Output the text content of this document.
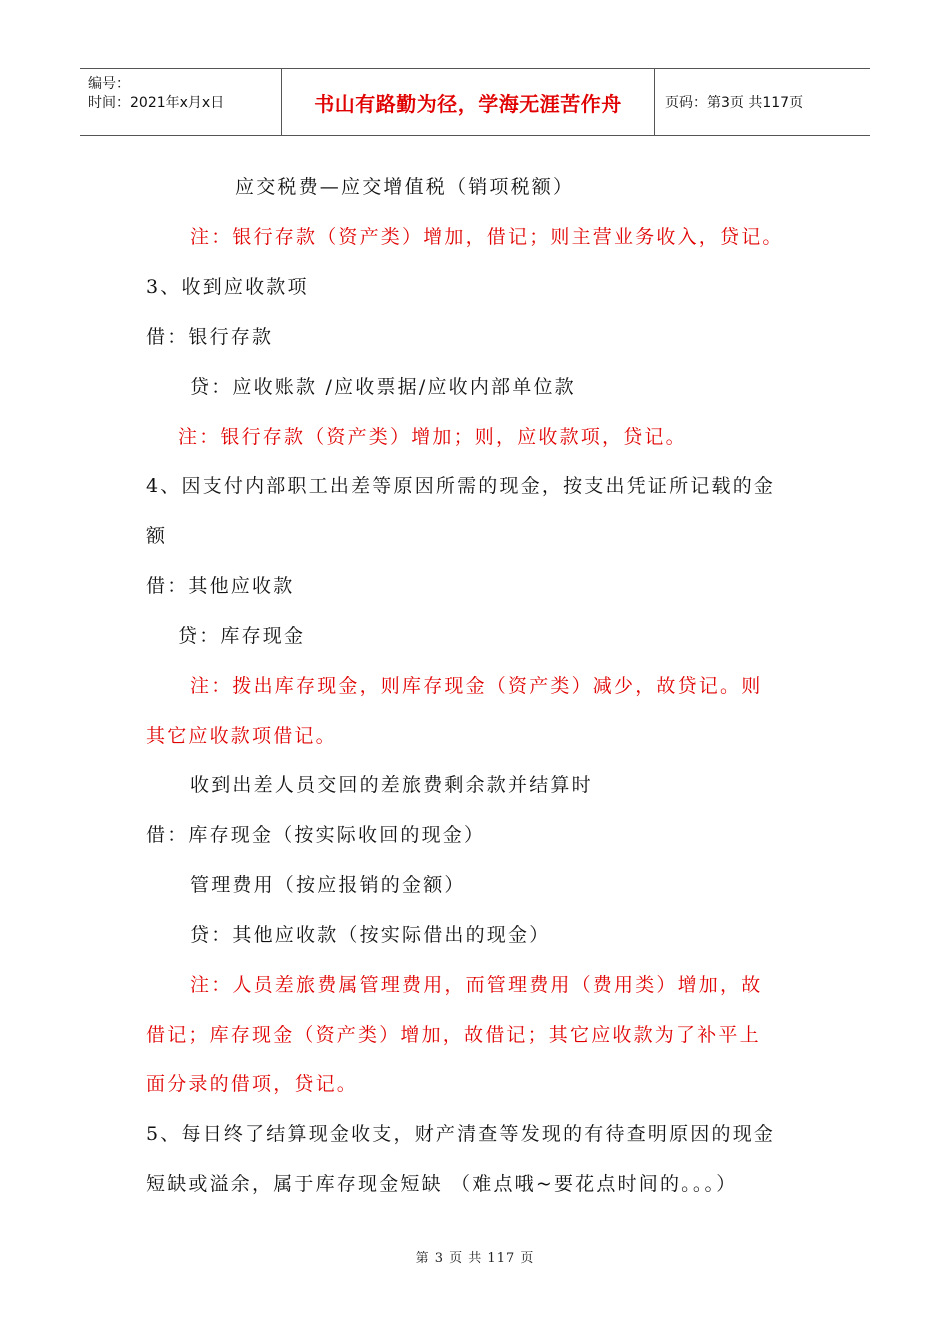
编号：
时间：2021年x月x日	书山有路勤为径，学海无涯苦作舟	页码：第3页 共117页
应交税费—应交增值税（销项税额）
注：银行存款（资产类）增加，借记；则主营业务收入，贷记。
3、收到应收款项
借：银行存款
贷：应收账款 /应收票据/应收内部单位款
注：银行存款（资产类）增加；则，应收款项，贷记。
4、因支付内部职工出差等原因所需的现金，按支出凭证所记载的金
额
借：其他应收款
贷：库存现金
注：拨出库存现金，则库存现金（资产类）减少，故贷记。则
其它应收款项借记。
收到出差人员交回的差旅费剩余款并结算时
借：库存现金（按实际收回的现金）
管理费用（按应报销的金额）
贷：其他应收款（按实际借出的现金）
注：人员差旅费属管理费用，而管理费用（费用类）增加，故
借记；库存现金（资产类）增加，故借记；其它应收款为了补平上
面分录的借项，贷记。
5、每日终了结算现金收支，财产清查等发现的有待查明原因的现金
短缺或溢余，属于库存现金短缺 （难点哦~要花点时间的。。。）
第 3 页 共 117 页
